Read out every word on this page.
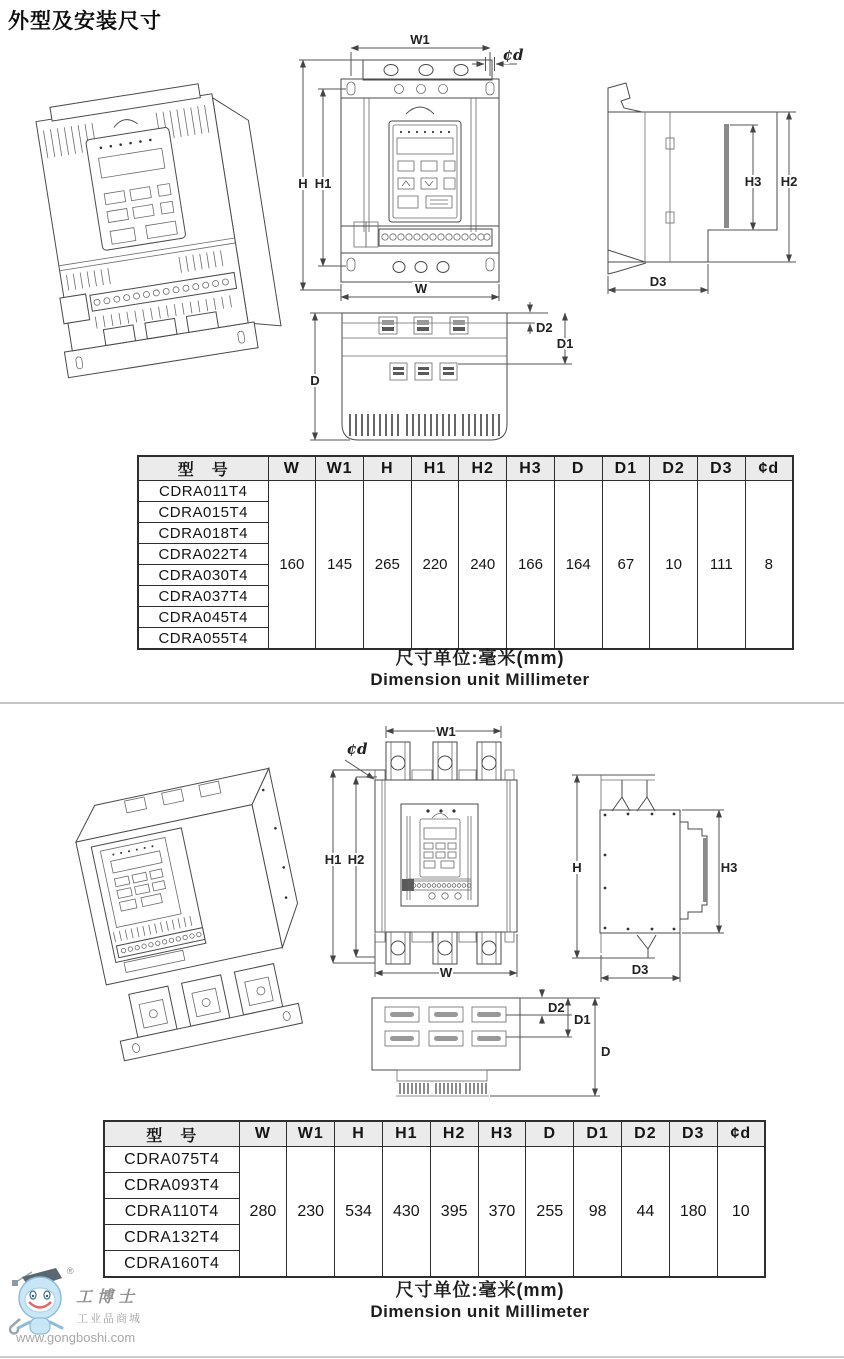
外型及安装尺寸
W1
¢d
H H1
W
H3 H2
D3
D
D2
D1
型　号	W	W1	H	H1	H2	H3	D	D1	D2	D3	¢d
CDRA011T4	160	145	265	220	240	166	164	67	10	111	8
CDRA015T4											
CDRA018T4											
CDRA022T4											
CDRA030T4											
CDRA037T4											
CDRA045T4											
CDRA055T4											
尺寸单位:毫米(mm)
Dimension unit Millimeter
W1
¢d
H1 H2
W
H	H3
D3
D2
D1
D
型　号	W	W1	H	H1	H2	H3	D	D1	D2	D3	¢d
CDRA075T4	280	230	534	430	395	370	255	98	44	180	10
CDRA093T4											
CDRA110T4											
CDRA132T4											
CDRA160T4											
尺寸单位:毫米(mm)
Dimension unit Millimeter
®
工博士
工业品商城
www.gongboshi.com
